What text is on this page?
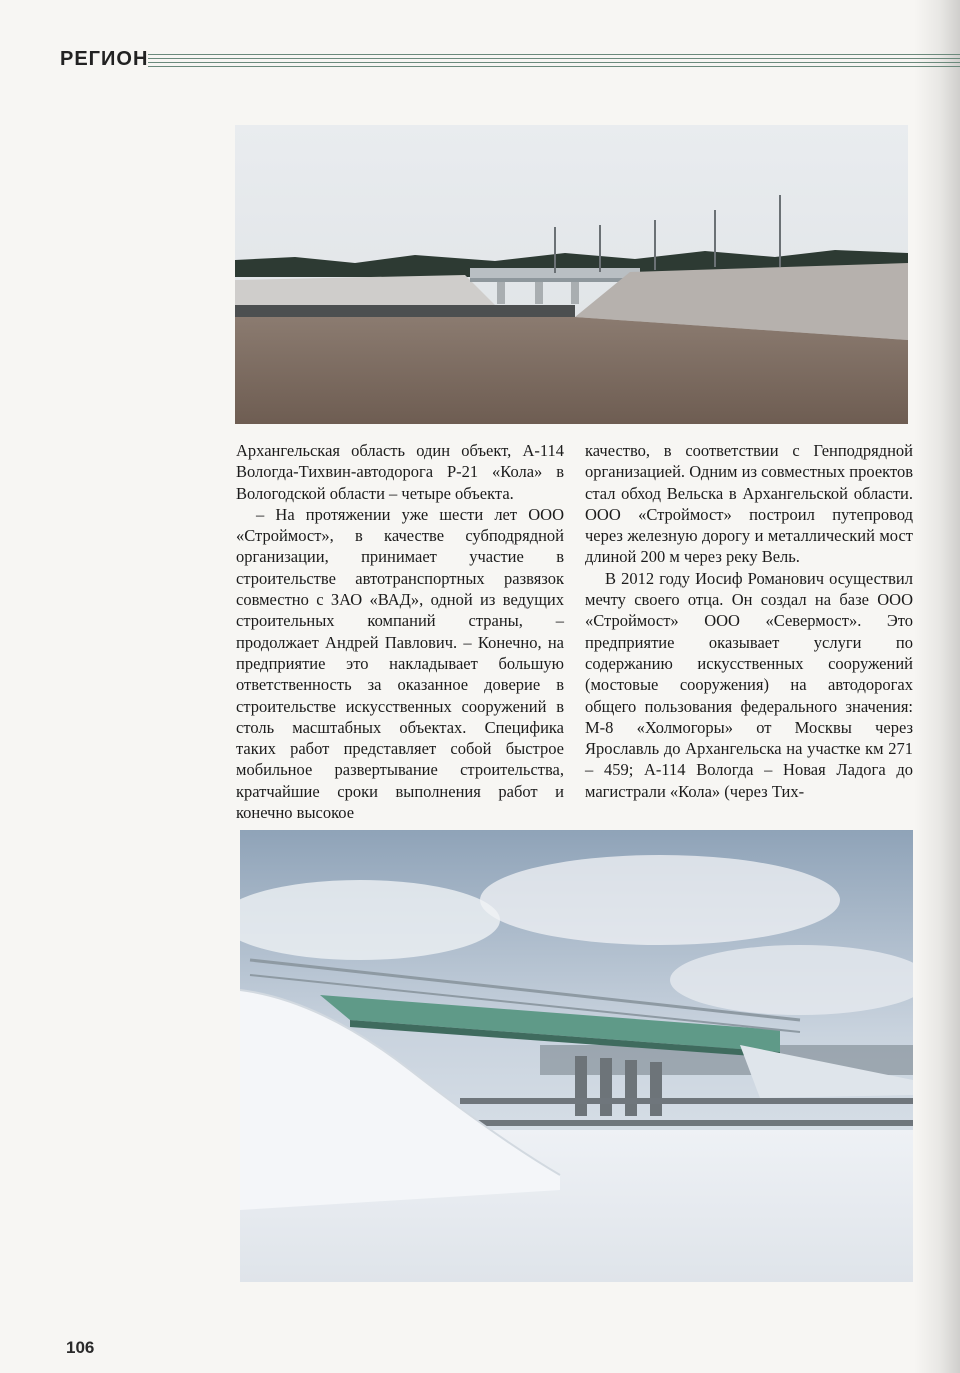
РЕГИОН

Архангельская область один объект, А-114 Вологда-Тихвин-автодорога Р-21 «Кола» в Вологодской области – четыре объекта.

– На протяжении уже шести лет ООО «Строймост», в качестве субподрядной организации, принимает участие в строительстве автотранспортных развязок совместно с ЗАО «ВАД», одной из ведущих строительных компаний страны, – продолжает Андрей Павлович. – Конечно, на предприятие это накладывает большую ответственность за оказанное доверие в строительстве искусственных сооружений в столь масштабных объектах. Специфика таких работ представляет собой быстрое мобильное развертывание строительства, кратчайшие сроки выполнения работ и конечно высокое

качество, в соответствии с Генподрядной организацией. Одним из совместных проектов стал обход Вельска в Архангельской области. ООО «Строймост» построил путепровод через железную дорогу и металлический мост длиной 200 м через реку Вель.

В 2012 году Иосиф Романович осуществил мечту своего отца. Он создал на базе ООО «Строймост» ООО «Севермост». Это предприятие оказывает услуги по содержанию искусственных сооружений (мостовые сооружения) на автодорогах общего пользования федерального значения: М-8 «Холмогоры» от Москвы через Ярославль до Архангельска на участке км 271 – 459; А-114 Вологда – Новая Ладога до магистрали «Кола» (через Тих-

106
